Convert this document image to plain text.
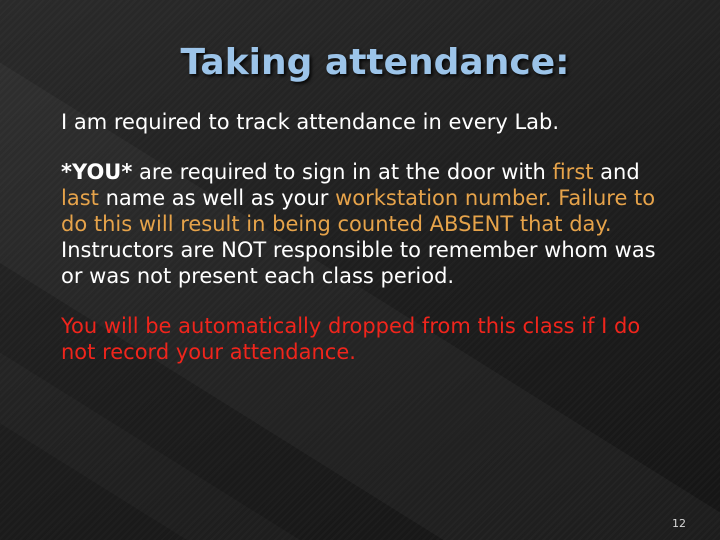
Taking attendance:

I am required to track attendance in every Lab.

*YOU* are required to sign in at the door with first and last name as well as your workstation number. Failure to do this will result in being counted ABSENT that day. Instructors are NOT responsible to remember whom was or was not present each class period.

You will be automatically dropped from this class if I do not record your attendance.

12
